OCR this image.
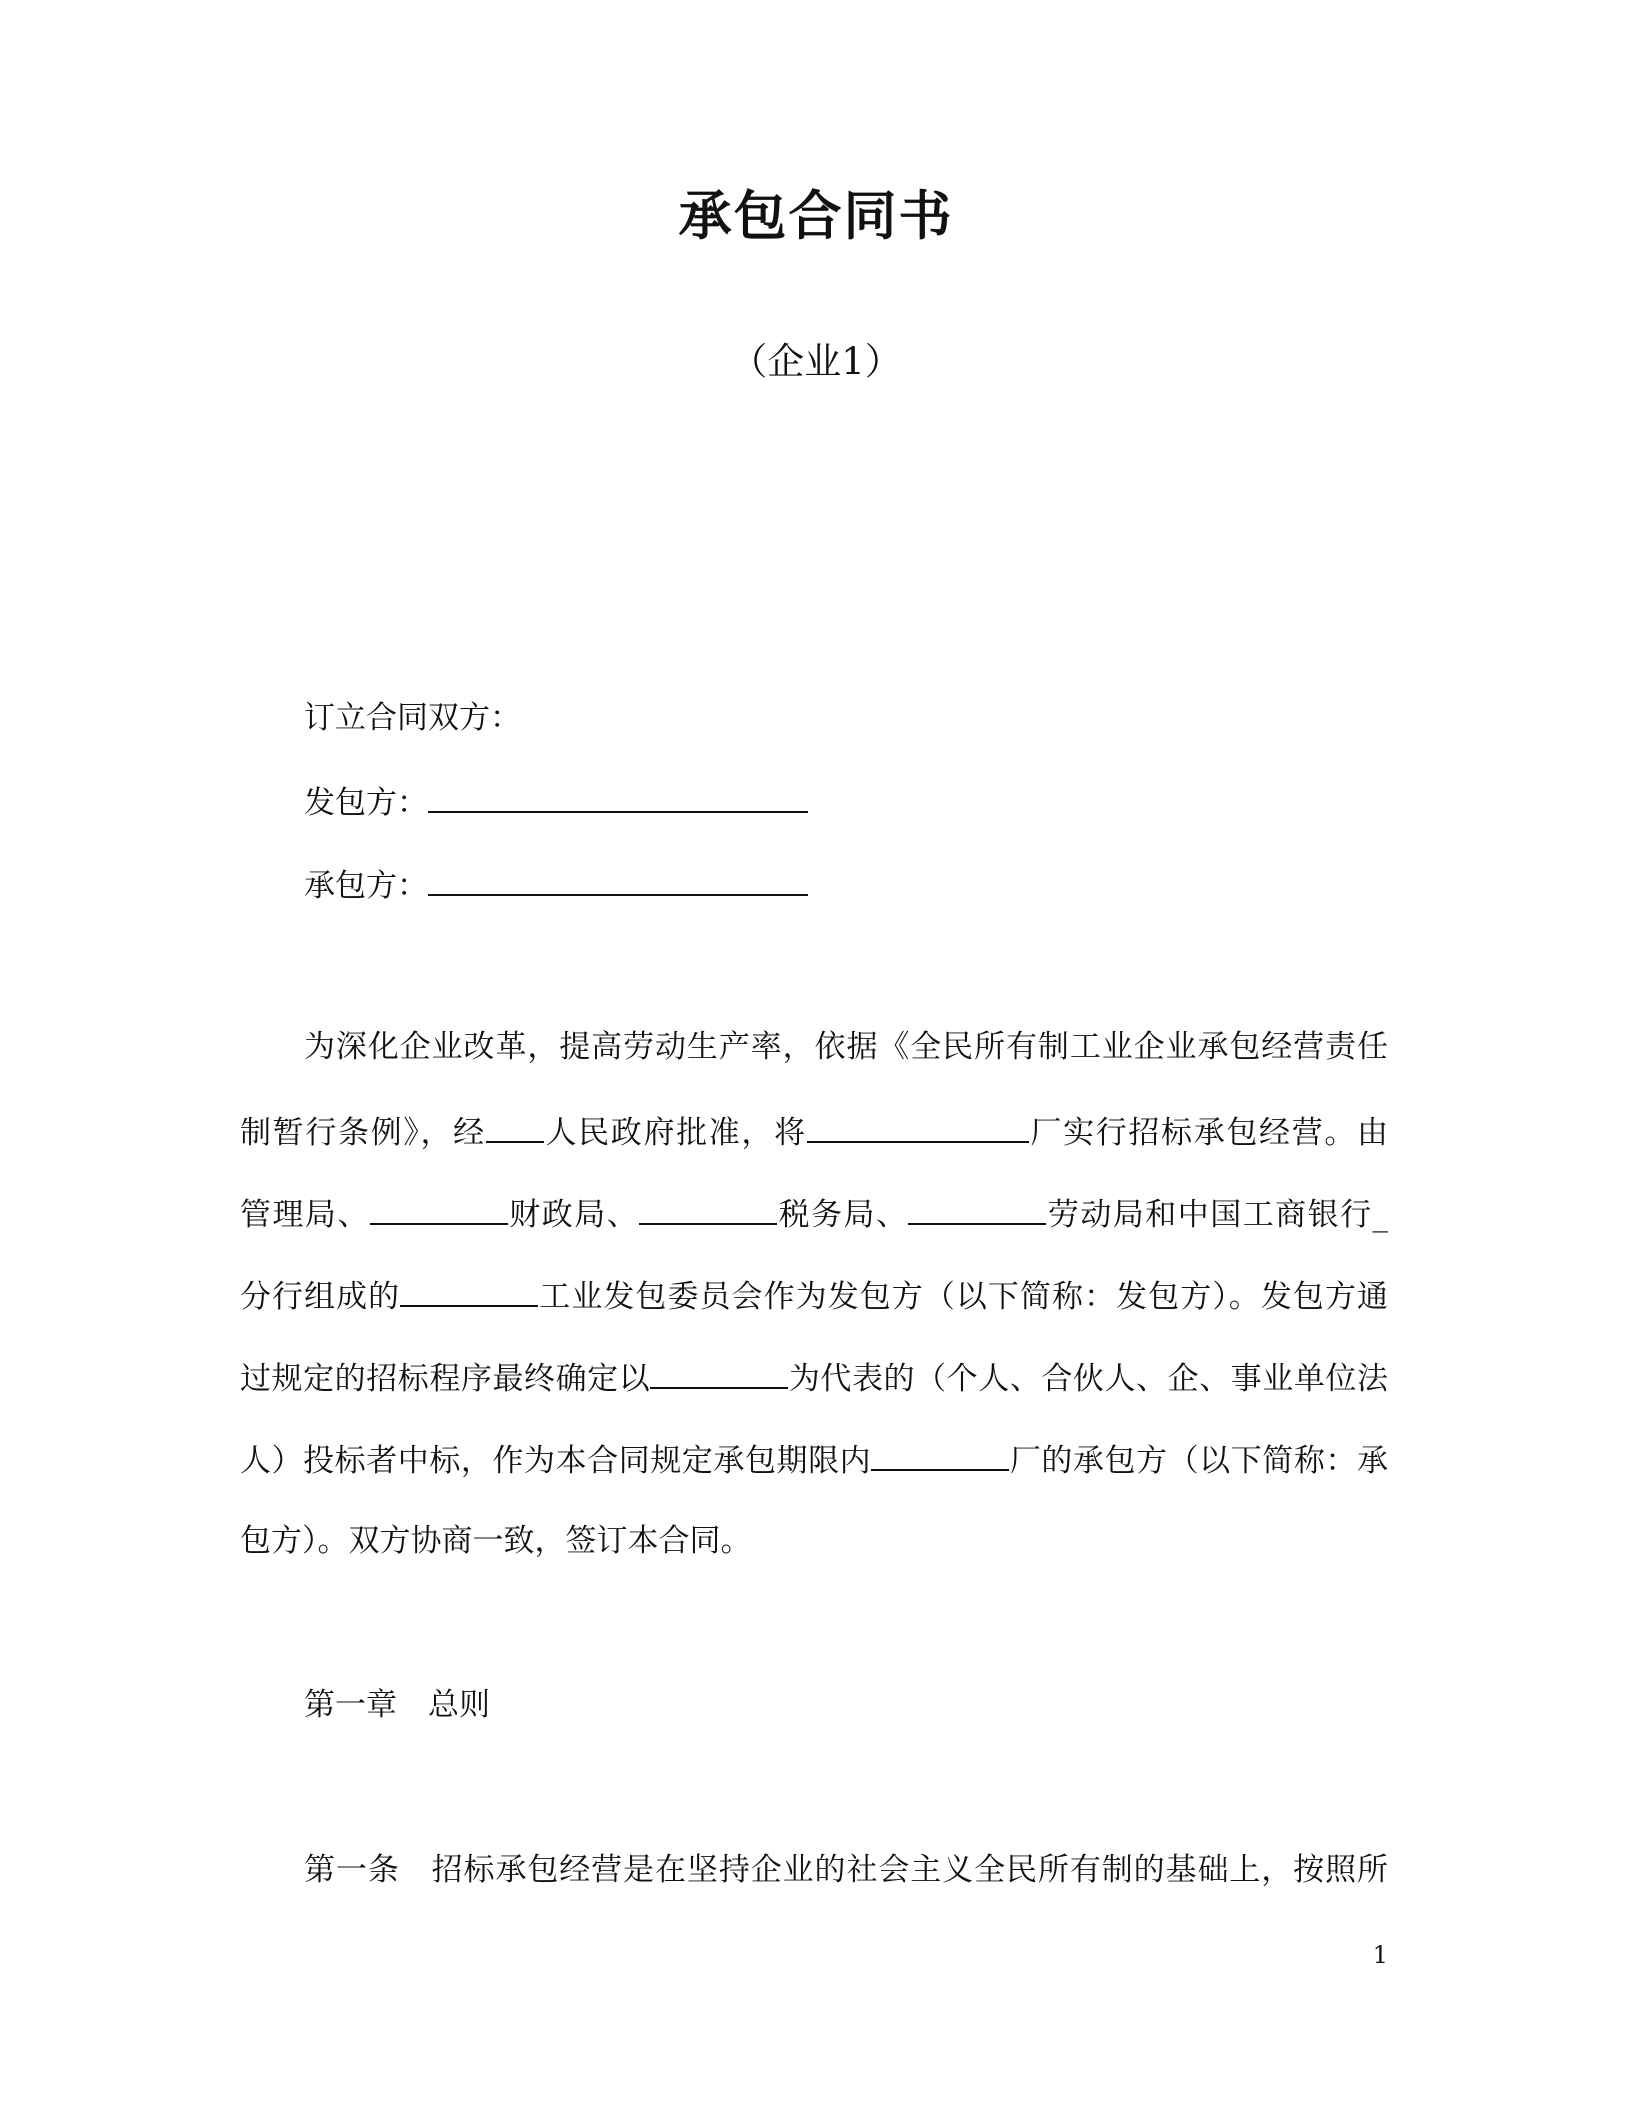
承包合同书
（企业1）
订立合同双方：
发包方：
承包方：
为深化企业改革，提高劳动生产率，依据《全民所有制工业企业承包经营责任
制暂行条例》，经 人民政府批准，将	厂实行招标承包经营。由
管理局、	财政局、	税务局、	劳动局和中国工商银行_
分行组成的	工业发包委员会作为发包方（以下简称：发包方）。发包方通
过规定的招标程序最终确定以	为代表的（个人、合伙人、企、事业单位法
人）投标者中标，作为本合同规定承包期限内	厂的承包方（以下简称：承
包方）。双方协商一致，签订本合同。
第一章　总则
第一条　招标承包经营是在坚持企业的社会主义全民所有制的基础上，按照所
1
